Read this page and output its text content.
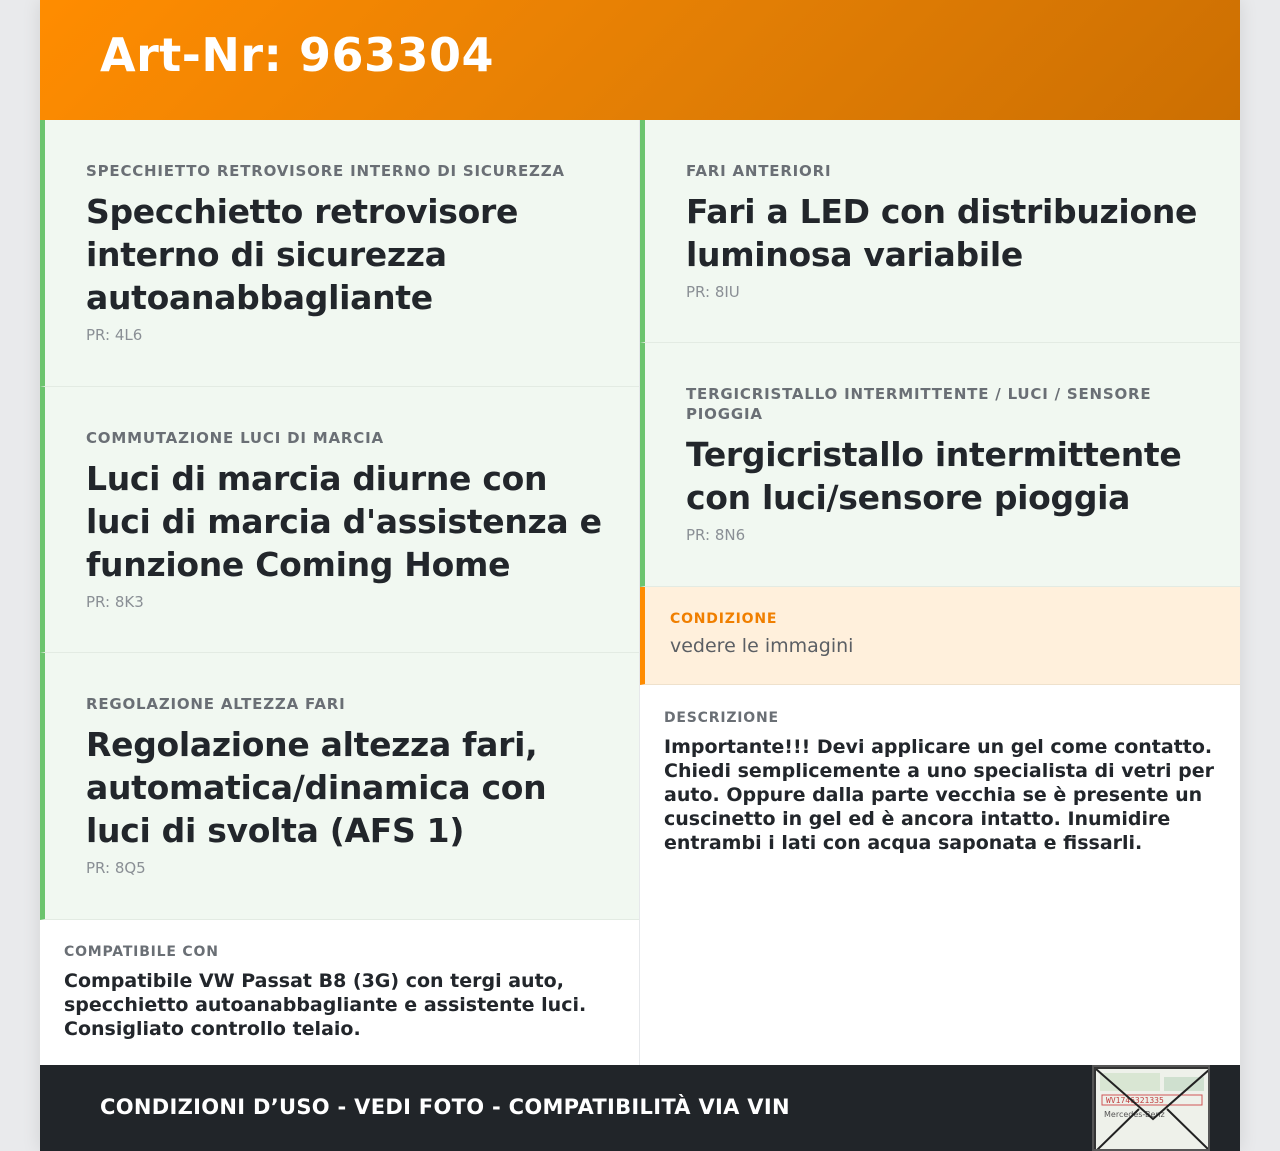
Art-Nr: 963304
SPECCHIETTO RETROVISORE INTERNO DI SICUREZZA
Specchietto retrovisore interno di sicurezza autoanabbagliante
PR: 4L6
COMMUTAZIONE LUCI DI MARCIA
Luci di marcia diurne con luci di marcia d'assistenza e funzione Coming Home
PR: 8K3
REGOLAZIONE ALTEZZA FARI
Regolazione altezza fari, automatica/dinamica con luci di svolta (AFS 1)
PR: 8Q5
COMPATIBILE CON
Compatibile VW Passat B8 (3G) con tergi auto, specchietto autoanabbagliante e assistente luci. Consigliato controllo telaio.
FARI ANTERIORI
Fari a LED con distribuzione luminosa variabile
PR: 8IU
TERGICRISTALLO INTERMITTENTE / LUCI / SENSORE PIOGGIA
Tergicristallo intermittente con luci/sensore pioggia
PR: 8N6
CONDIZIONE
vedere le immagini
DESCRIZIONE
Importante!!! Devi applicare un gel come contatto. Chiedi semplicemente a uno specialista di vetri per auto. Oppure dalla parte vecchia se è presente un cuscinetto in gel ed è ancora intatto. Inumidire entrambi i lati con acqua saponata e fissarli.
CONDIZIONI D’USO - VEDI FOTO - COMPATIBILITÀ VIA VIN	WV1746321335
Mercedes-Benz
